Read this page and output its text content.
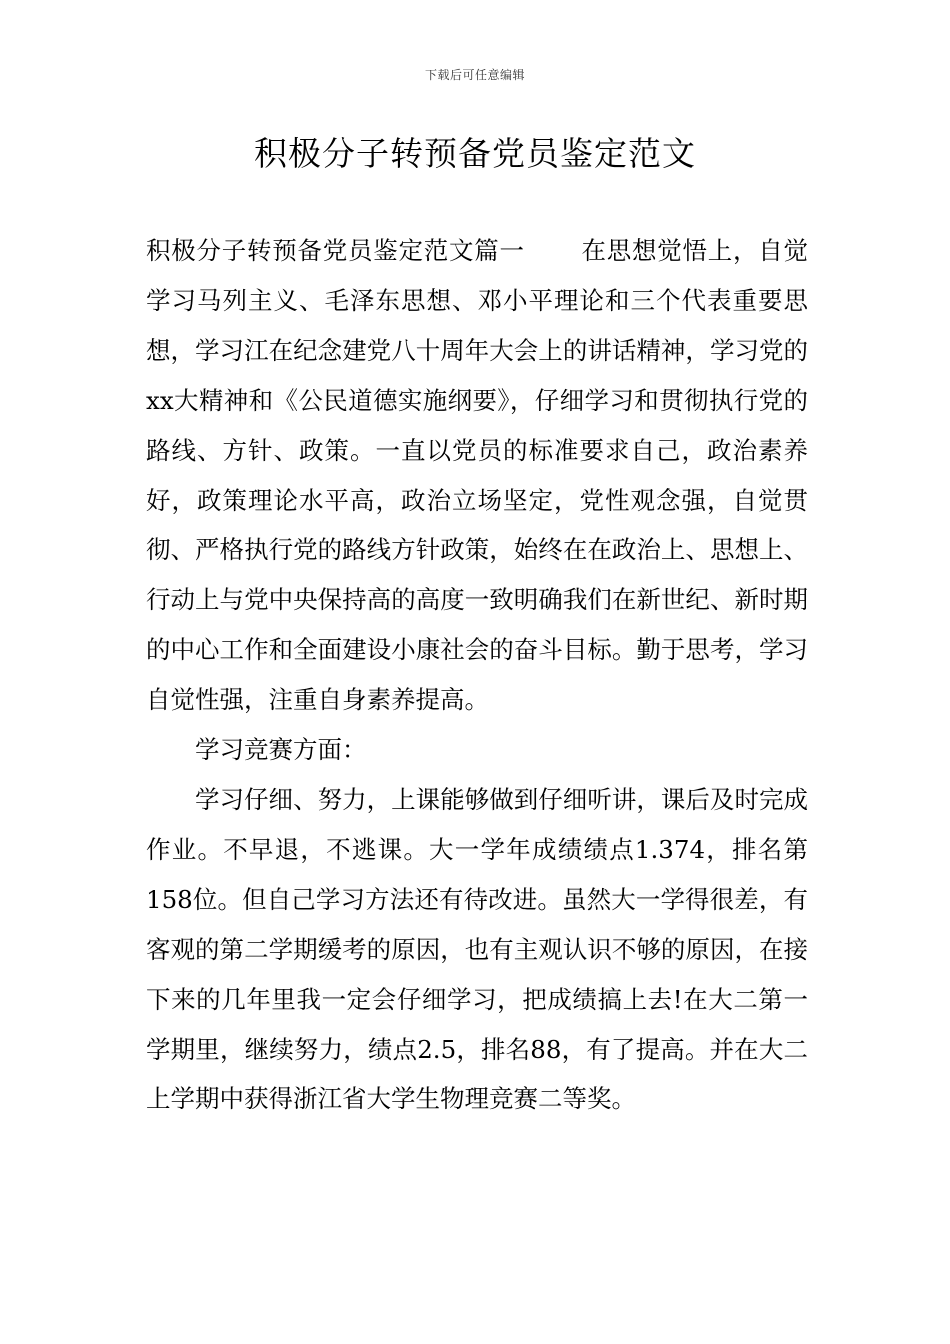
下载后可任意编辑
积极分子转预备党员鉴定范文

积极分子转预备党员鉴定范文篇一 在思想觉悟上，自觉学习马列主义、毛泽东思想、邓小平理论和三个代表重要思想，学习江在纪念建党八十周年大会上的讲话精神，学习党的xx大精神和《公民道德实施纲要》，仔细学习和贯彻执行党的路线、方针、政策。一直以党员的标准要求自己，政治素养好，政策理论水平高，政治立场坚定，党性观念强，自觉贯彻、严格执行党的路线方针政策，始终在在政治上、思想上、行动上与党中央保持高的高度一致明确我们在新世纪、新时期的中心工作和全面建设小康社会的奋斗目标。勤于思考，学习自觉性强，注重自身素养提高。

学习竞赛方面：

学习仔细、努力，上课能够做到仔细听讲，课后及时完成作业。不早退，不逃课。大一学年成绩绩点1.374，排名第158位。但自己学习方法还有待改进。虽然大一学得很差，有客观的第二学期缓考的原因，也有主观认识不够的原因，在接下来的几年里我一定会仔细学习，把成绩搞上去!在大二第一学期里，继续努力，绩点2.5，排名88，有了提高。并在大二上学期中获得浙江省大学生物理竞赛二等奖。
